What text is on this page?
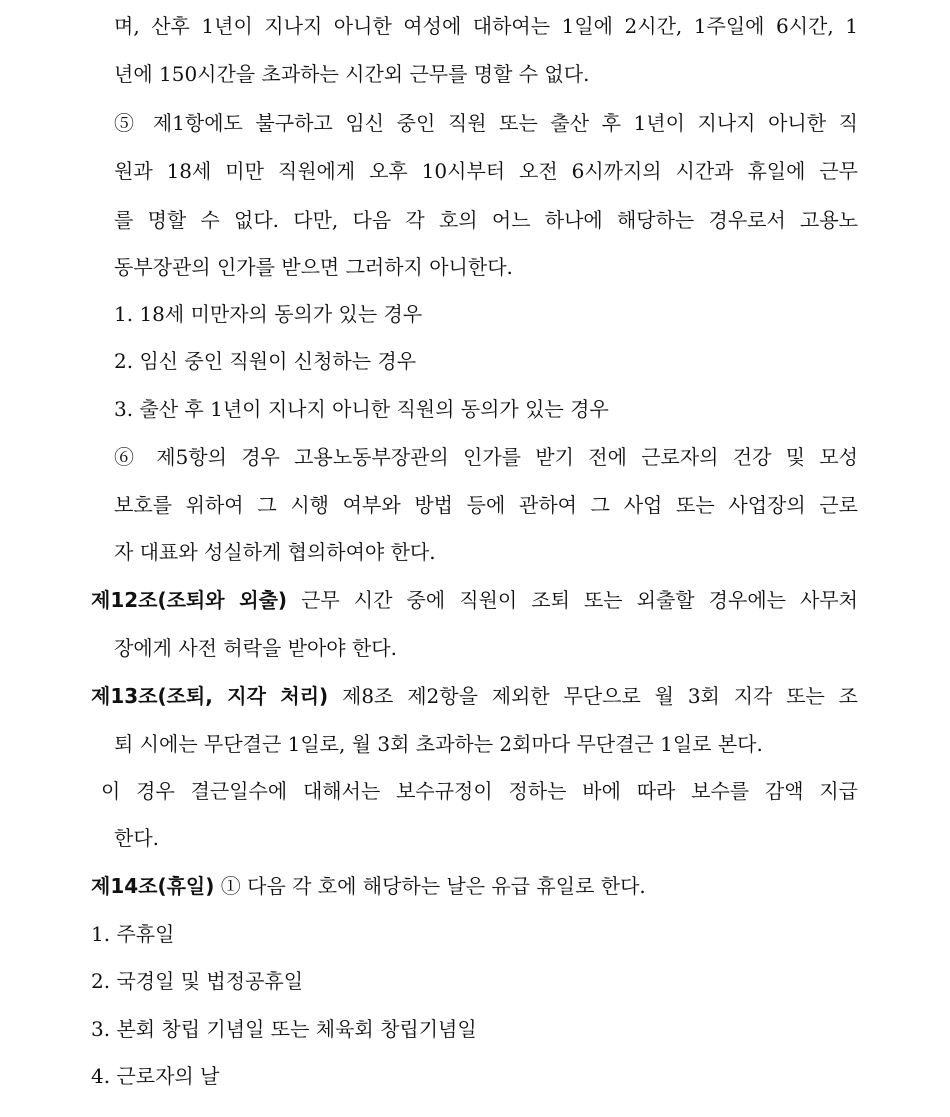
며, 산후 1년이 지나지 아니한 여성에 대하여는 1일에 2시간, 1주일에 6시간, 1
년에 150시간을 초과하는 시간외 근무를 명할 수 없다.
⑤ 제1항에도 불구하고 임신 중인 직원 또는 출산 후 1년이 지나지 아니한 직
원과 18세 미만 직원에게 오후 10시부터 오전 6시까지의 시간과 휴일에 근무
를 명할 수 없다. 다만, 다음 각 호의 어느 하나에 해당하는 경우로서 고용노
동부장관의 인가를 받으면 그러하지 아니한다.
1. 18세 미만자의 동의가 있는 경우
2. 임신 중인 직원이 신청하는 경우
3. 출산 후 1년이 지나지 아니한 직원의 동의가 있는 경우
⑥ 제5항의 경우 고용노동부장관의 인가를 받기 전에 근로자의 건강 및 모성
보호를 위하여 그 시행 여부와 방법 등에 관하여 그 사업 또는 사업장의 근로
자 대표와 성실하게 협의하여야 한다.
제12조(조퇴와 외출) 근무 시간 중에 직원이 조퇴 또는 외출할 경우에는 사무처
장에게 사전 허락을 받아야 한다.
제13조(조퇴, 지각 처리) 제8조 제2항을 제외한 무단으로 월 3회 지각 또는 조
퇴 시에는 무단결근 1일로, 월 3회 초과하는 2회마다 무단결근 1일로 본다.
이 경우 결근일수에 대해서는 보수규정이 정하는 바에 따라 보수를 감액 지급
한다.
제14조(휴일) ① 다음 각 호에 해당하는 날은 유급 휴일로 한다.
1. 주휴일
2. 국경일 및 법정공휴일
3. 본회 창립 기념일 또는 체육회 창립기념일
4. 근로자의 날
